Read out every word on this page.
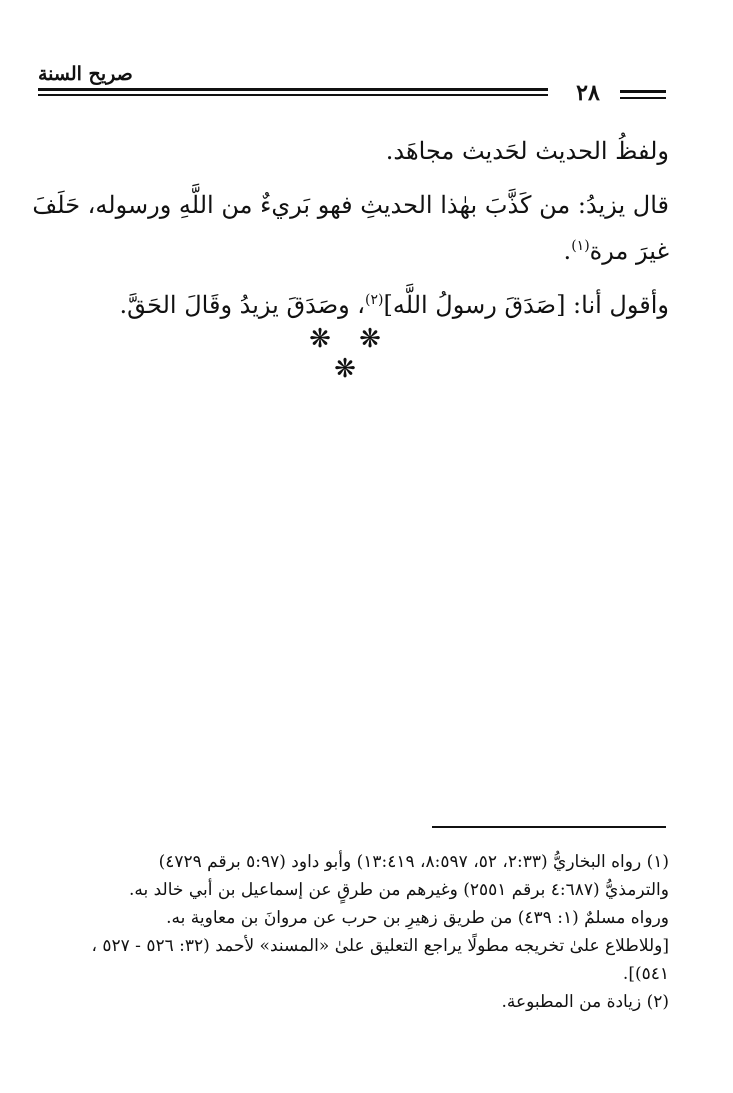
صريح السنة
٢٨
ولفظُ الحديث لحَديث مجاهَد.
قال يزيدُ: من كَذَّبَ بهٰذا الحديثِ فهو بَريءٌ من اللَّهِ ورسوله، حَلَفَ
غيرَ مرة$^{(١)}$.
وأقول أنا: [صَدَقَ رسولُ اللَّه]$^{(٢)}$، وصَدَقَ يزيدُ وقَالَ الحَقَّ.
❋ ❋ ❋
(١) رواه البخاريُّ (٢:٣٣، ٥٢، ٨:٥٩٧، ١٣:٤١٩) وأبو داود (٥:٩٧ برقم ٤٧٢٩)
والترمذيُّ (٤:٦٨٧ برقم ٢٥٥١) وغيرهم من طرقٍ عن إسماعيل بن أبي خالد به.
ورواه مسلمٌ (١: ٤٣٩) من طريق زهيرِ بن حرب عن مروانَ بن معاوية به.
[وللاطلاع علىٰ تخريجه مطولًا يراجع التعليق علىٰ «المسند» لأحمد (٣٢: ٥٢٦ - ٥٢٧ ،
٥٤١)].
(٢) زيادة من المطبوعة.
